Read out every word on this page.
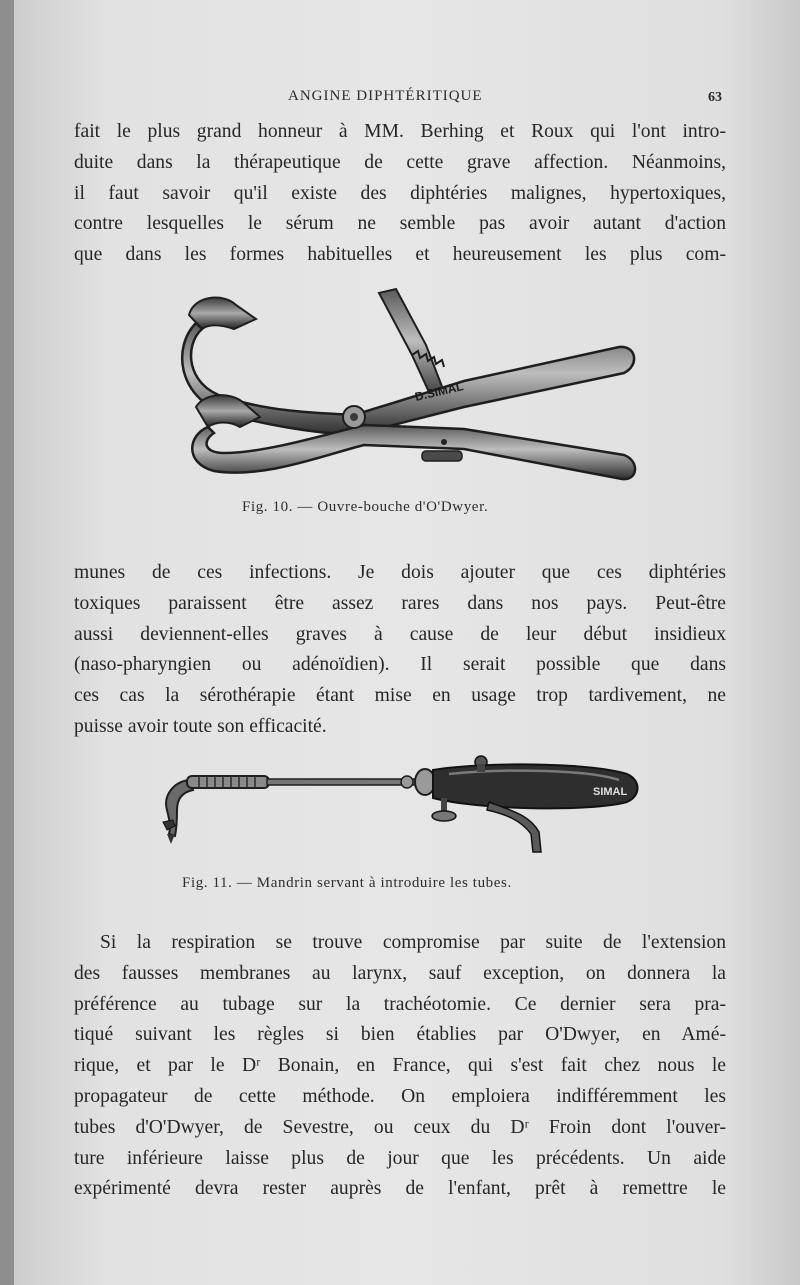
ANGINE DIPHTÉRITIQUE	63

fait le plus grand honneur à MM. Berhing et Roux qui l'ont intro-
duite dans la thérapeutique de cette grave affection. Néanmoins,
il faut savoir qu'il existe des diphtéries malignes, hypertoxiques,
contre lesquelles le sérum ne semble pas avoir autant d'action
que dans les formes habituelles et heureusement les plus com-

D.SIMAL
Fig. 10. — Ouvre-bouche d'O'Dwyer.

munes de ces infections. Je dois ajouter que ces diphtéries
toxiques paraissent être assez rares dans nos pays. Peut-être
aussi deviennent-elles graves à cause de leur début insidieux
(naso-pharyngien ou adénoïdien). Il serait possible que dans
ces cas la sérothérapie étant mise en usage trop tardivement, ne
puisse avoir toute son efficacité.

SIMAL
Fig. 11. — Mandrin servant à introduire les tubes.

Si la respiration se trouve compromise par suite de l'extension
des fausses membranes au larynx, sauf exception, on donnera la
préférence au tubage sur la trachéotomie. Ce dernier sera pra-
tiqué suivant les règles si bien établies par O'Dwyer, en Amé-
rique, et par le Dʳ Bonain, en France, qui s'est fait chez nous le
propagateur de cette méthode. On emploiera indifféremment les
tubes d'O'Dwyer, de Sevestre, ou ceux du Dʳ Froin dont l'ouver-
ture inférieure laisse plus de jour que les précédents. Un aide
expérimenté devra rester auprès de l'enfant, prêt à remettre le
